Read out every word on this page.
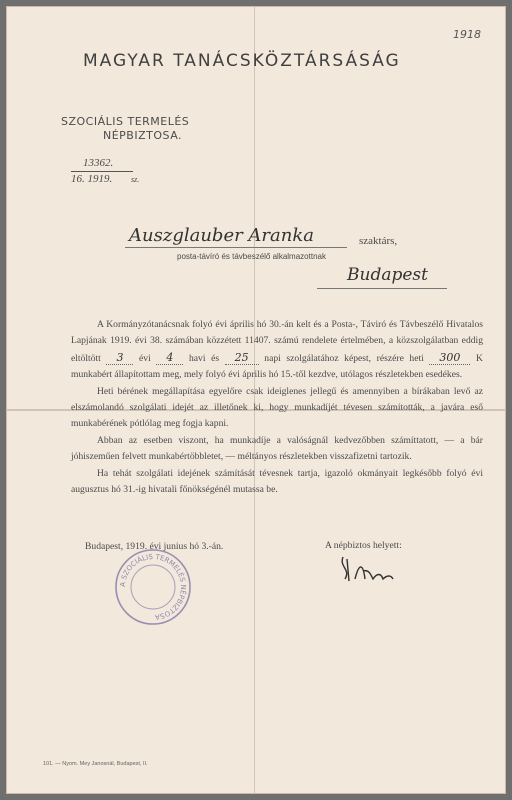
1918
MAGYAR TANÁCSKÖZTÁRSÁSÁG
SZOCIÁLIS TERMELÉS
NÉPBIZTOSA.
13362.
16. 1919. sz.
Auszglauber Aranka	szaktárs,
posta-távíró és távbeszélő alkalmazottnak
Budapest

A Kormányzótanácsnak folyó évi április hó 30.-án kelt és a Posta-, Táviró és Távbeszélő Hivatalos Lapjának 1919. évi 38. számában közzétett 11407. számú rendelete értelmében, a közszolgálatban eddig eltöltött 3 évi 4 havi és 25 napi szolgálatához képest, részére heti 300 K munkabért állapítottam meg, mely folyó évi április hó 15.-től kezdve, utólagos részletekben esedékes.

Heti bérének megállapítása egyelőre csak ideiglenes jellegű és amennyiben a bírákaban levő az elszámolandó szolgálati idejét az illetőnek ki, hogy munkadíjét tévesen számították, a javára eső munkabérének pótlólag meg fogja kapni.

Abban az esetben viszont, ha munkadíje a valóságnál kedvezőbben számíttatott, — a bár jóhiszeműen felvett munkabértöbbletet, — méltányos részletekben visszafizetni tartozik.

Ha tehát szolgálati idejének számítását tévesnek tartja, igazoló okmányait legkésőbb folyó évi augusztus hó 31.-ig hivatali főnökségénél mutassa be.

Budapest, 1919. évi junius hó 3.-án.	A népbiztos helyett:
A SZOCIÁLIS TERMELÉS NÉPBIZTOSA
101. — Nyom. Mey Janosnál, Budapest, II.
